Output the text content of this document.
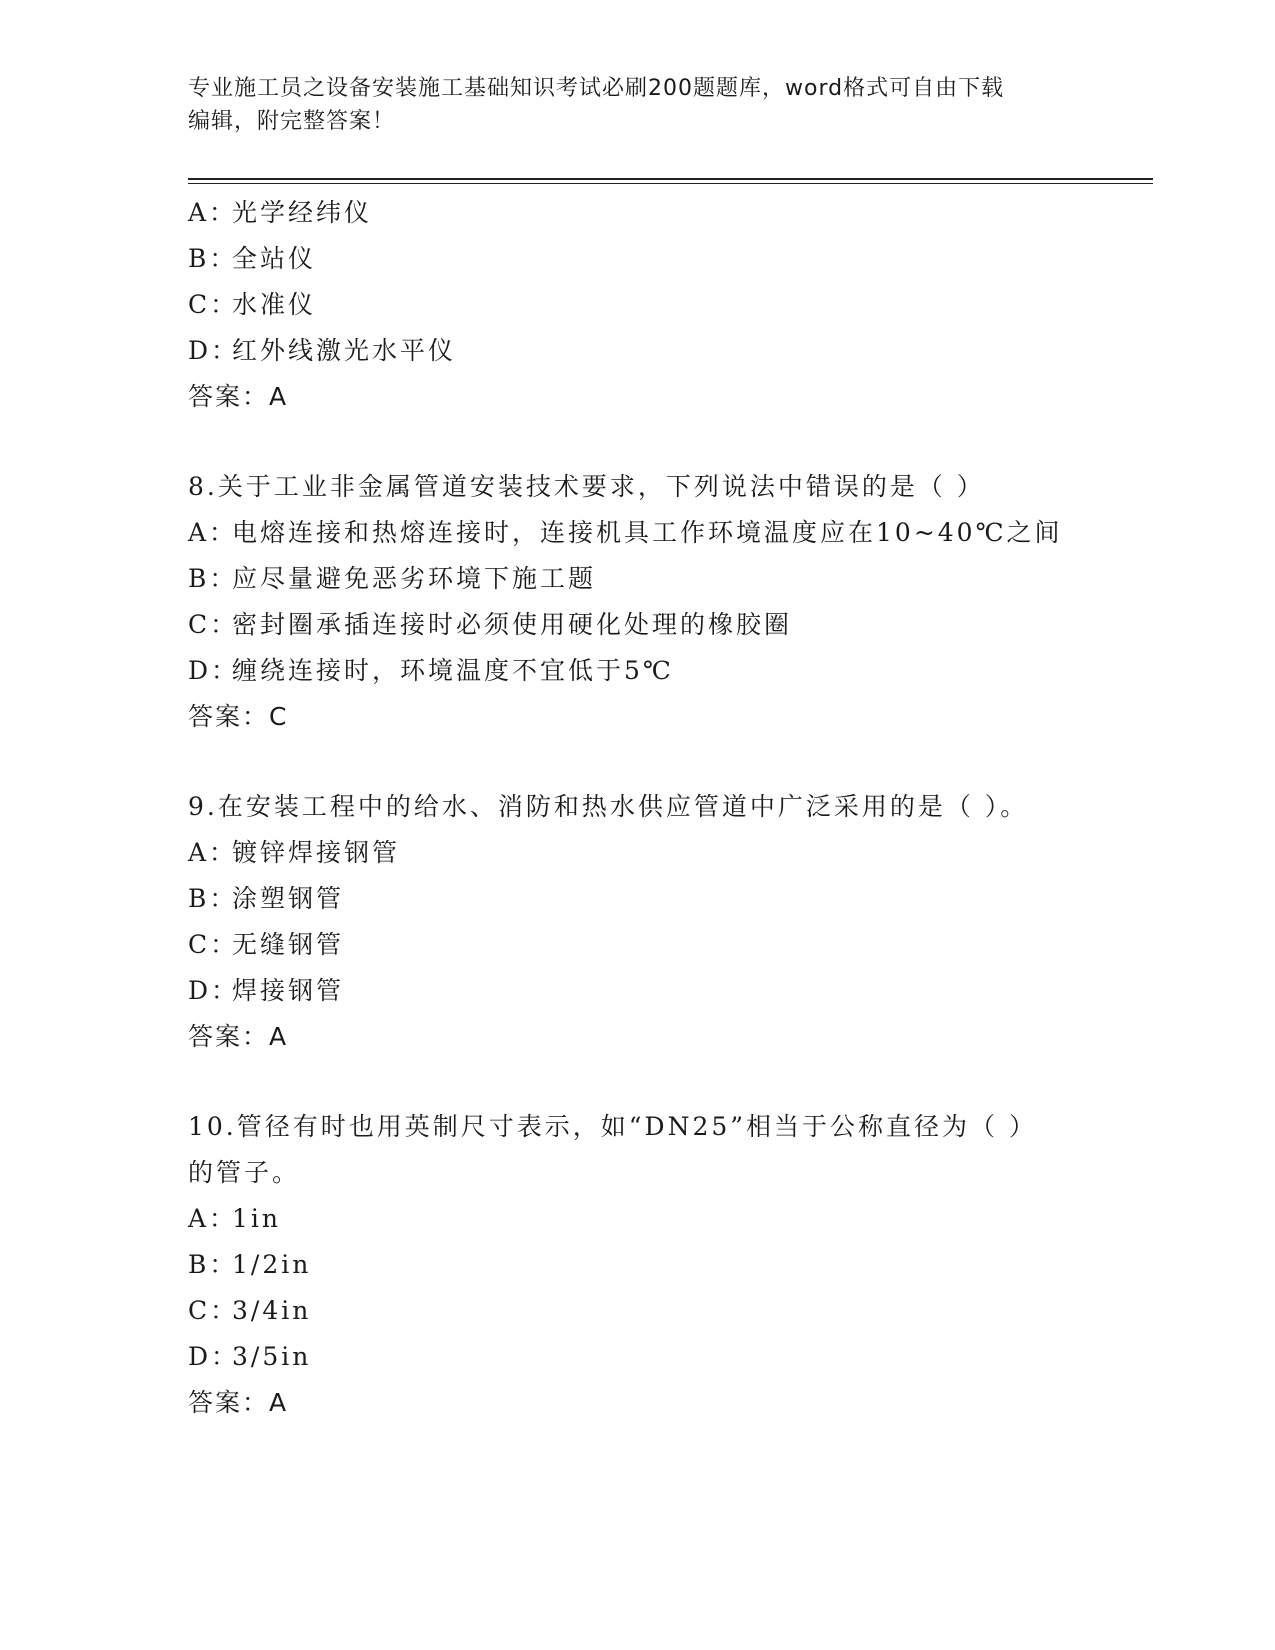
专业施工员之设备安装施工基础知识考试必刷200题题库，word格式可自由下载
编辑，附完整答案！
A：光学经纬仪
B：全站仪
C：水准仪
D：红外线激光水平仪
答案：A
8.关于工业非金属管道安装技术要求，下列说法中错误的是（ ）
A：电熔连接和热熔连接时，连接机具工作环境温度应在10~40℃之间
B：应尽量避免恶劣环境下施工题
C：密封圈承插连接时必须使用硬化处理的橡胶圈
D：缠绕连接时，环境温度不宜低于5℃
答案：C
9.在安装工程中的给水、消防和热水供应管道中广泛采用的是（ ）。
A：镀锌焊接钢管
B：涂塑钢管
C：无缝钢管
D：焊接钢管
答案：A
10.管径有时也用英制尺寸表示，如“DN25”相当于公称直径为（ ）
的管子。
A：1in
B：1/2in
C：3/4in
D：3/5in
答案：A
